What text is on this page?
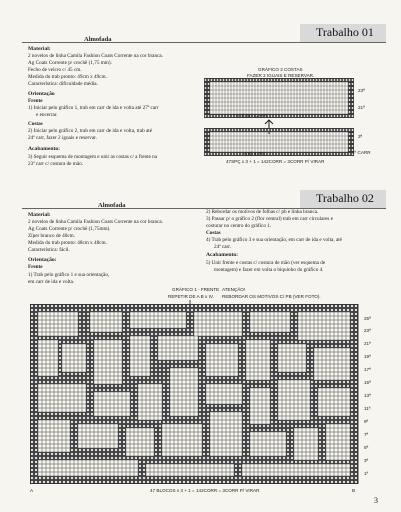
Trabalho 01
Almofada
Material:
2 novelos de linha Camila Fashion Coats Corrente na cor branca.
Ag Coats Corrente p/ crochê (1,75 mm).
Fecho de velcro c/ 45 cm.
Medida do trab pronto: 49cm x 49cm.
Característica: dificuldade média.
Orientação
Frente
1) Iniciar pelo gráfico 1, trab em carr de ida e volta até 27ª carr
e encerrar.
Costas
2) Iniciar pelo gráfico 2, trab em carr de ida e volta, trab até
24ª carr, fazer 2 iguais e reservar.
Acabamento:
3) Seguir esquema de montagem e unir as costas c/ a frente na
23ª carr c/ costura de mão.
GRÁFICO 2 COSTAS
FAZER 2 IGUAIS E RESERVAR.
23ª
21ª
ATÉ 21ª CARR
3ª
1ª CARR
ATÉ 47PC
47SPÇ x 3 + 1 = 142CORR = 3CORR P/ VIRAR
Trabalho 02
Almofada
Material:
2 novelos de linha Camila Fashion Coats Corrente na cor branca.
Ag Coats Corrente p/ crochê (1,75mm).
Zíper branco de 40cm.
Medida do trab pronto: 48cm x 48cm.
Característica: fácil.
Orientação:
Frente
1) Trab pelo gráfico 1 e sua orientação,
em carr de ida e volta.
2) Rebordar os motivos de folhas c/ pb e linha branca.
3) Passar p/ o gráfico 2 (flor central) trab em carr circulares e
costurar no centro do gráfico 1.
Costas
4) Trab pelo gráfico 3 e sua orientação, em carr de ida e volta, até
24ª carr.
Acabamento:
5) Unir frente e costas c/ costura de mão (ver esquema de
montagem) e fazer em volta o biquinho do gráfico 4.
GRÁFICO 1 - FRENTE
REPETIR DE A B x IV.
ATENÇÃO!
REBORDAR OS MOTIVOS C/ PB (VER FOTO).
25ª
23ª
21ª
19ª
17ª
15ª
13ª
11ª
9ª
7ª
5ª
3ª
1ª
47 BLOCOS x 3 + 1 = 142CORR = 3CORR P/ VIRAR	B
A
3
